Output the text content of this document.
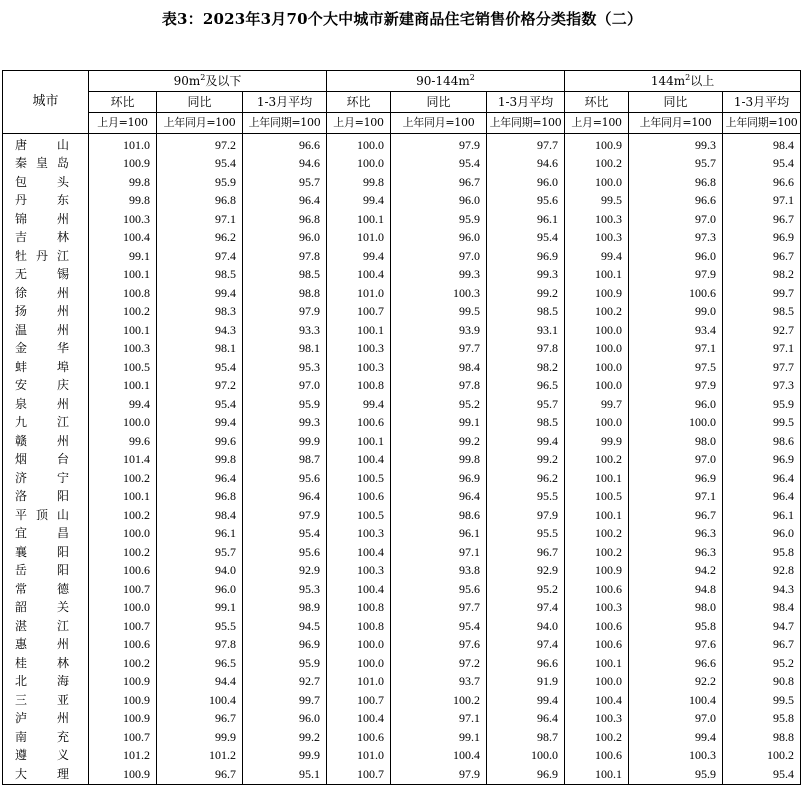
表3：2023年3月70个大中城市新建商品住宅销售价格分类指数（二）
城市	$90m^2$及以下			$90-144m^2$			$144m^2$以上		
	环比	同比	1-3月平均	环比	同比	1-3月平均	环比	同比	1-3月平均
	上月=100	上年同月=100	上年同期=100	上月=100	上年同月=100	上年同期=100	上月=100	上年同月=100	上年同期=100

唐 山	101.0	97.2	96.6	100.0	97.9	97.7	100.9	99.3	98.4

秦 皇 岛	100.9	95.4	94.6	100.0	95.4	94.6	100.2	95.7	95.4

包 头	99.8	95.9	95.7	99.8	96.7	96.0	100.0	96.8	96.6

丹 东	99.8	96.8	96.4	99.4	96.0	95.6	99.5	96.6	97.1

锦 州	100.3	97.1	96.8	100.1	95.9	96.1	100.3	97.0	96.7

吉 林	100.4	96.2	96.0	101.0	96.0	95.4	100.3	97.3	96.9

牡 丹 江	99.1	97.4	97.8	99.4	97.0	96.9	99.4	96.0	96.7

无 锡	100.1	98.5	98.5	100.4	99.3	99.3	100.1	97.9	98.2

徐 州	100.8	99.4	98.8	101.0	100.3	99.2	100.9	100.6	99.7

扬 州	100.2	98.3	97.9	100.7	99.5	98.5	100.2	99.0	98.5

温 州	100.1	94.3	93.3	100.1	93.9	93.1	100.0	93.4	92.7

金 华	100.3	98.1	98.1	100.3	97.7	97.8	100.0	97.1	97.1

蚌 埠	100.5	95.4	95.3	100.3	98.4	98.2	100.0	97.5	97.7

安 庆	100.1	97.2	97.0	100.8	97.8	96.5	100.0	97.9	97.3

泉 州	99.4	95.4	95.9	99.4	95.2	95.7	99.7	96.0	95.9

九 江	100.0	99.4	99.3	100.6	99.1	98.5	100.0	100.0	99.5

赣 州	99.6	99.6	99.9	100.1	99.2	99.4	99.9	98.0	98.6

烟 台	101.4	99.8	98.7	100.4	99.8	99.2	100.2	97.0	96.9

济 宁	100.2	96.4	95.6	100.5	96.9	96.2	100.1	96.9	96.4

洛 阳	100.1	96.8	96.4	100.6	96.4	95.5	100.5	97.1	96.4

平 顶 山	100.2	98.4	97.9	100.5	98.6	97.9	100.1	96.7	96.1

宜 昌	100.0	96.1	95.4	100.3	96.1	95.5	100.2	96.3	96.0

襄 阳	100.2	95.7	95.6	100.4	97.1	96.7	100.2	96.3	95.8

岳 阳	100.6	94.0	92.9	100.3	93.8	92.9	100.9	94.2	92.8

常 德	100.7	96.0	95.3	100.4	95.6	95.2	100.6	94.8	94.3

韶 关	100.0	99.1	98.9	100.8	97.7	97.4	100.3	98.0	98.4

湛 江	100.7	95.5	94.5	100.8	95.4	94.0	100.6	95.8	94.7

惠 州	100.6	97.8	96.9	100.0	97.6	97.4	100.6	97.6	96.7

桂 林	100.2	96.5	95.9	100.0	97.2	96.6	100.1	96.6	95.2

北 海	100.9	94.4	92.7	101.0	93.7	91.9	100.0	92.2	90.8

三 亚	100.9	100.4	99.7	100.7	100.2	99.4	100.4	100.4	99.5

泸 州	100.9	96.7	96.0	100.4	97.1	96.4	100.3	97.0	95.8

南 充	100.7	99.9	99.2	100.6	99.1	98.7	100.2	99.4	98.8

遵 义	101.2	101.2	99.9	101.0	100.4	100.0	100.6	100.3	100.2

大 理	100.9	96.7	95.1	100.7	97.9	96.9	100.1	95.9	95.4
